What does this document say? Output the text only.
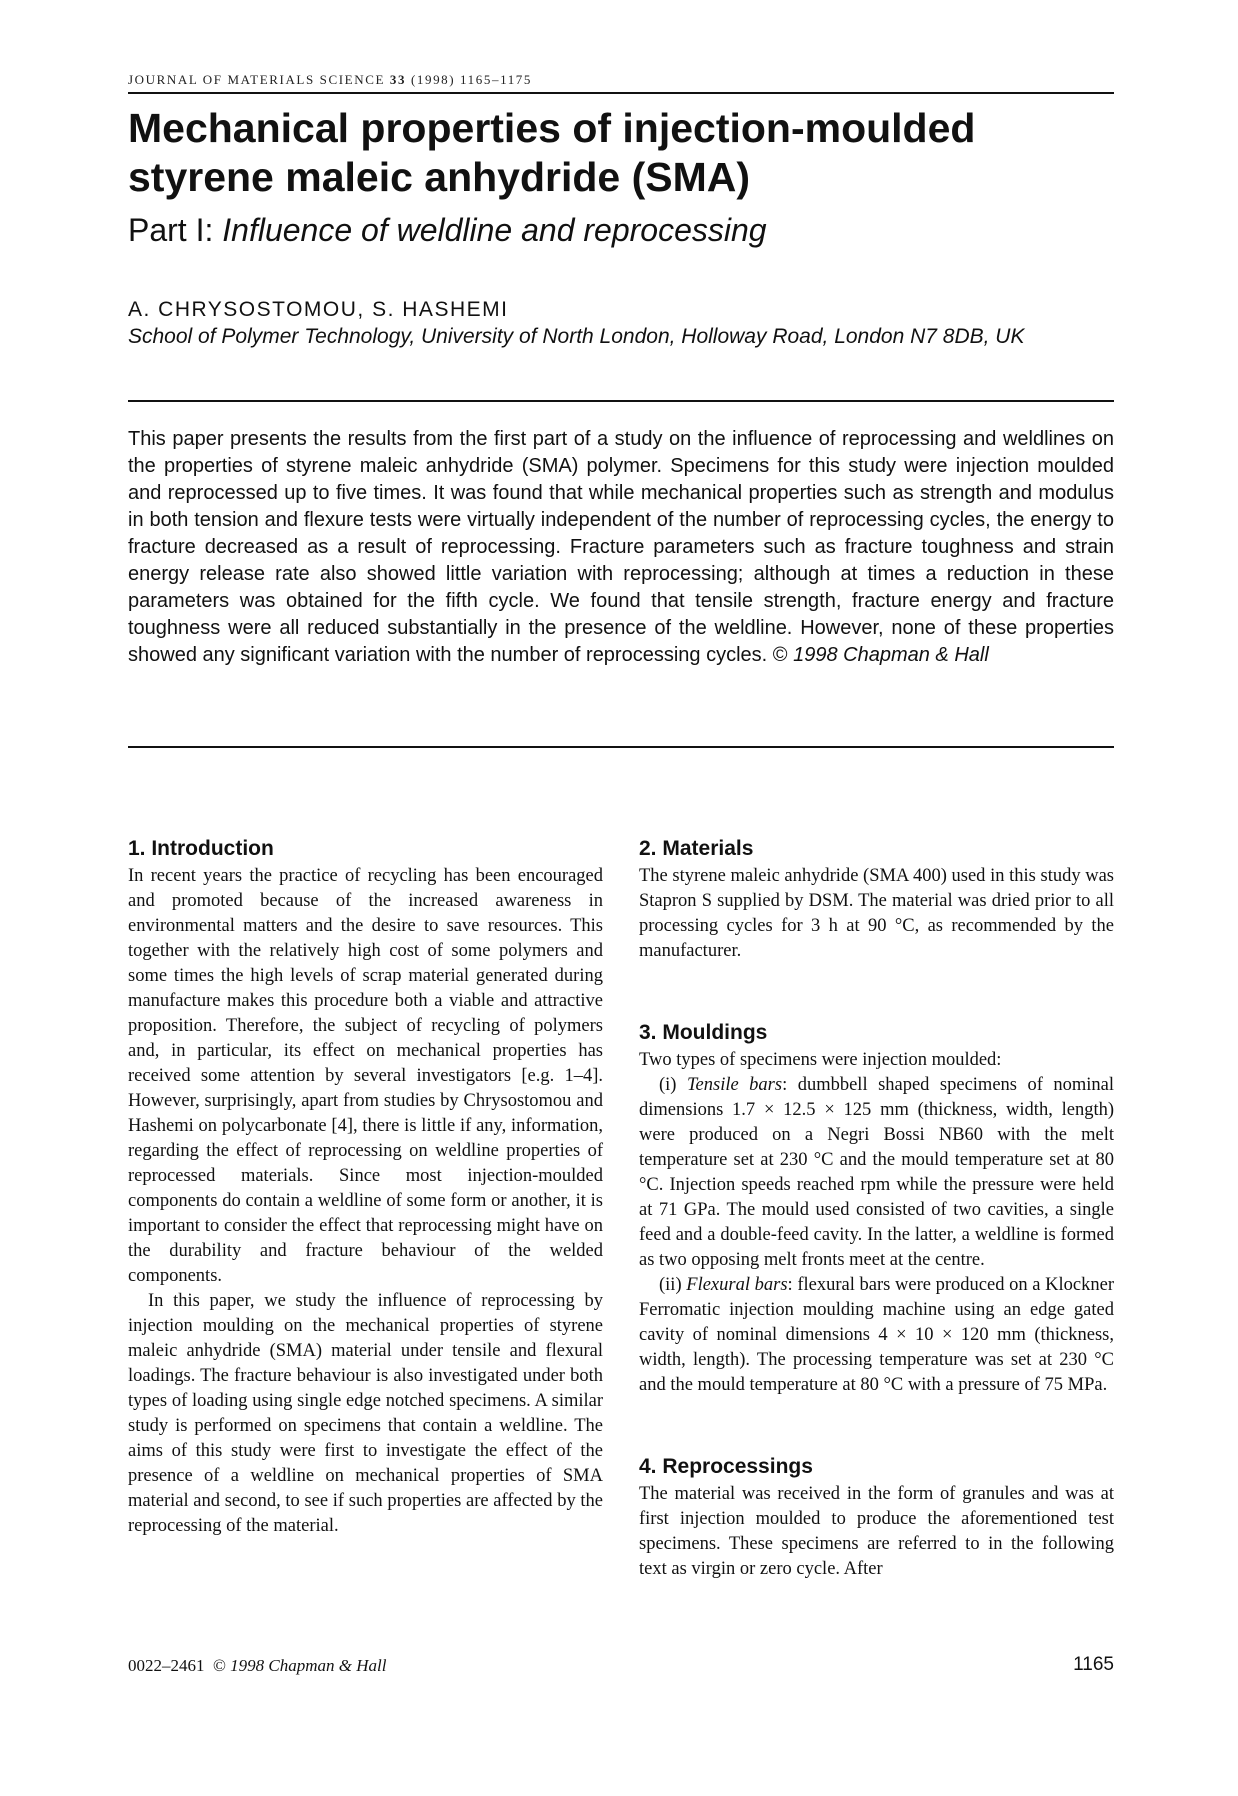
JOURNAL OF MATERIALS SCIENCE 33 (1998) 1165–1175
Mechanical properties of injection-moulded styrene maleic anhydride (SMA)
Part I: Influence of weldline and reprocessing
A. CHRYSOSTOMOU, S. HASHEMI
School of Polymer Technology, University of North London, Holloway Road, London N7 8DB, UK

This paper presents the results from the first part of a study on the influence of reprocessing and weldlines on the properties of styrene maleic anhydride (SMA) polymer. Specimens for this study were injection moulded and reprocessed up to five times. It was found that while mechanical properties such as strength and modulus in both tension and flexure tests were virtually independent of the number of reprocessing cycles, the energy to fracture decreased as a result of reprocessing. Fracture parameters such as fracture toughness and strain energy release rate also showed little variation with reprocessing; although at times a reduction in these parameters was obtained for the fifth cycle. We found that tensile strength, fracture energy and fracture toughness were all reduced substantially in the presence of the weldline. However, none of these properties showed any significant variation with the number of reprocessing cycles. © 1998 Chapman & Hall

1. Introduction

In recent years the practice of recycling has been encouraged and promoted because of the increased awareness in environmental matters and the desire to save resources. This together with the relatively high cost of some polymers and some times the high levels of scrap material generated during manufacture makes this procedure both a viable and attractive proposition. Therefore, the subject of recycling of polymers and, in particular, its effect on mechanical properties has received some attention by several investigators [e.g. 1–4]. However, surprisingly, apart from studies by Chrysostomou and Hashemi on polycarbonate [4], there is little if any, information, regarding the effect of reprocessing on weldline properties of reprocessed materials. Since most injection-moulded components do contain a weldline of some form or another, it is important to consider the effect that reprocessing might have on the durability and fracture behaviour of the welded components.

In this paper, we study the influence of reprocessing by injection moulding on the mechanical properties of styrene maleic anhydride (SMA) material under tensile and flexural loadings. The fracture behaviour is also investigated under both types of loading using single edge notched specimens. A similar study is performed on specimens that contain a weldline. The aims of this study were first to investigate the effect of the presence of a weldline on mechanical properties of SMA material and second, to see if such properties are affected by the reprocessing of the material.

2. Materials

The styrene maleic anhydride (SMA 400) used in this study was Stapron S supplied by DSM. The material was dried prior to all processing cycles for 3 h at 90 °C, as recommended by the manufacturer.

3. Mouldings

Two types of specimens were injection moulded:

(i) Tensile bars: dumbbell shaped specimens of nominal dimensions 1.7 × 12.5 × 125 mm (thickness, width, length) were produced on a Negri Bossi NB60 with the melt temperature set at 230 °C and the mould temperature set at 80 °C. Injection speeds reached rpm while the pressure were held at 71 GPa. The mould used consisted of two cavities, a single feed and a double-feed cavity. In the latter, a weldline is formed as two opposing melt fronts meet at the centre.

(ii) Flexural bars: flexural bars were produced on a Klockner Ferromatic injection moulding machine using an edge gated cavity of nominal dimensions 4 × 10 × 120 mm (thickness, width, length). The processing temperature was set at 230 °C and the mould temperature at 80 °C with a pressure of 75 MPa.

4. Reprocessings

The material was received in the form of granules and was at first injection moulded to produce the aforementioned test specimens. These specimens are referred to in the following text as virgin or zero cycle. After

0022–2461 © 1998 Chapman & Hall	1165
